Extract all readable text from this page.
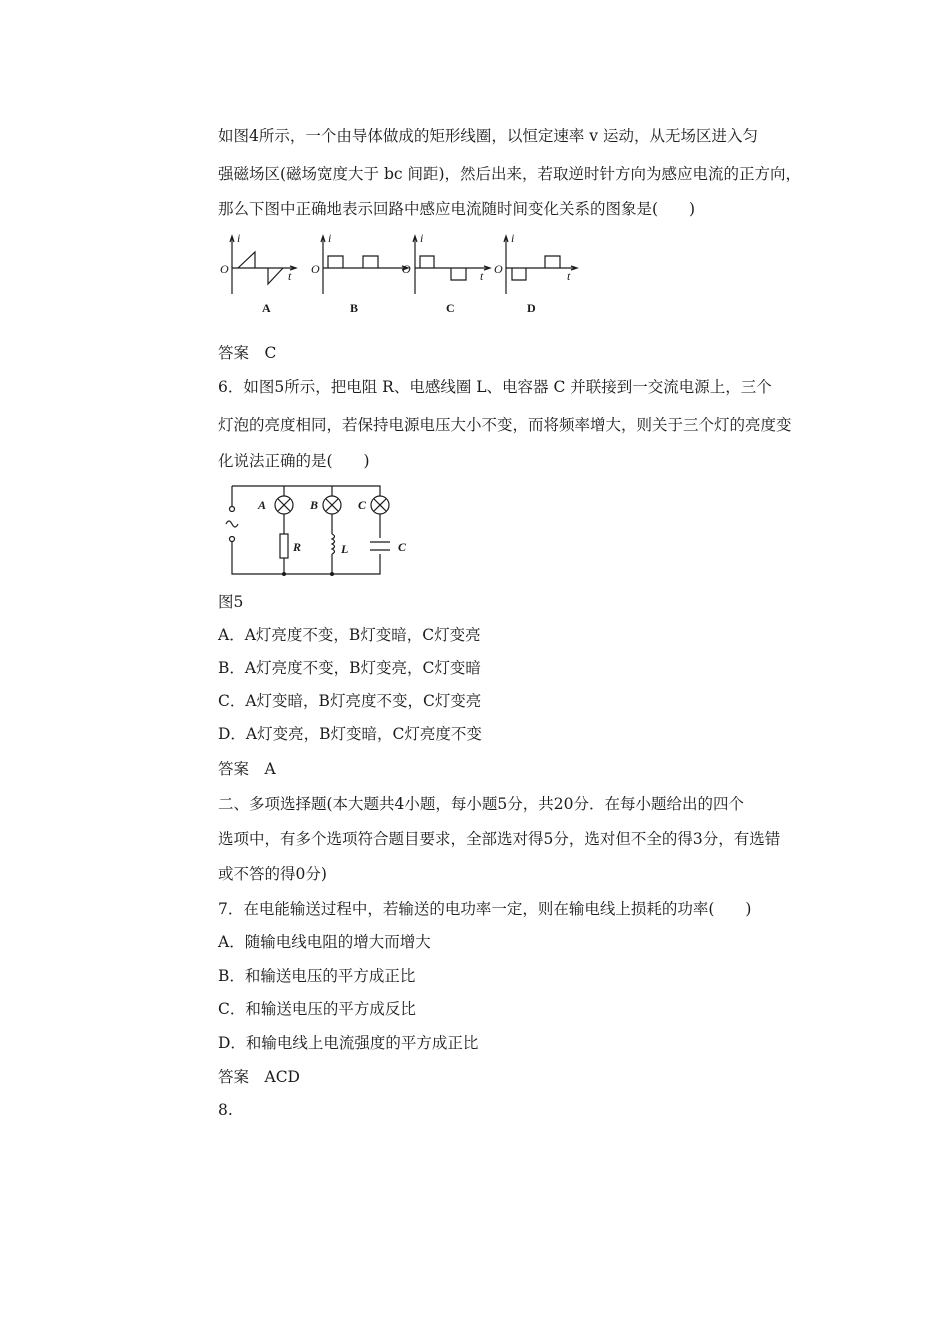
如图4所示，一个由导体做成的矩形线圈，以恒定速率 v 运动，从无场区进入匀
强磁场区(磁场宽度大于 bc 间距)，然后出来，若取逆时针方向为感应电流的正方向，
那么下图中正确地表示回路中感应电流随时间变化关系的图象是(　　)
i
O	t
A
i
O
B
i
O	t
C
i
O	t
D
答案　C
6．如图5所示，把电阻 R、电感线圈 L、电容器 C 并联接到一交流电源上，三个
灯泡的亮度相同，若保持电源电压大小不变，而将频率增大，则关于三个灯的亮度变
化说法正确的是(　　)
A	B	C
R	L	C
图5
A．A灯亮度不变，B灯变暗，C灯变亮
B．A灯亮度不变，B灯变亮，C灯变暗
C．A灯变暗，B灯亮度不变，C灯变亮
D．A灯变亮，B灯变暗，C灯亮度不变
答案　A
二、多项选择题(本大题共4小题，每小题5分，共20分．在每小题给出的四个
选项中，有多个选项符合题目要求，全部选对得5分，选对但不全的得3分，有选错
或不答的得0分)
7．在电能输送过程中，若输送的电功率一定，则在输电线上损耗的功率(　　)
A．随输电线电阻的增大而增大
B．和输送电压的平方成正比
C．和输送电压的平方成反比
D．和输电线上电流强度的平方成正比
答案　ACD
8.
